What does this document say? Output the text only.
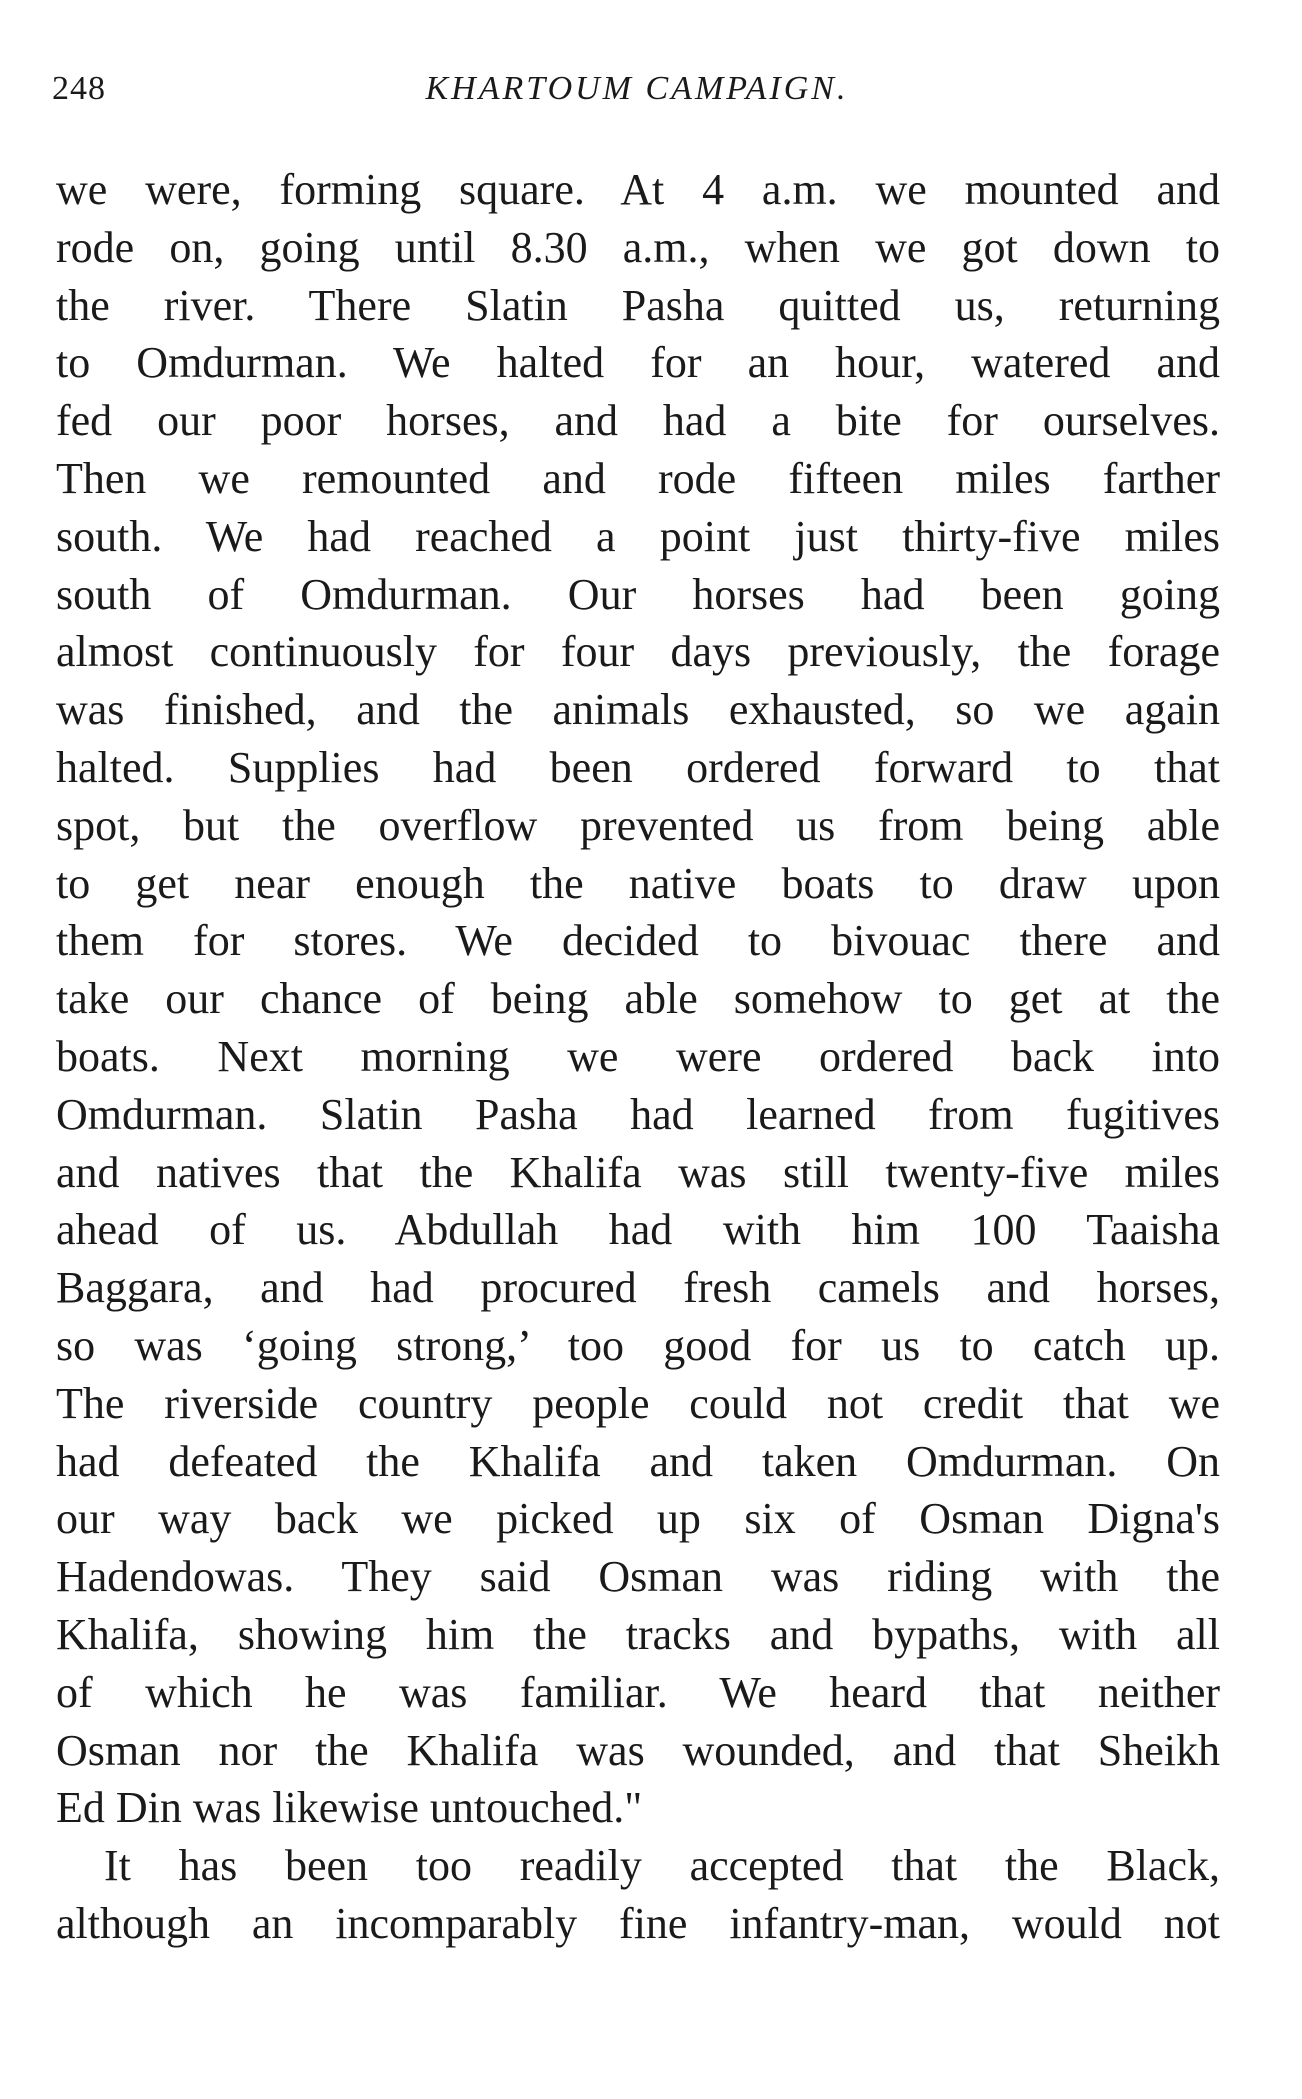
248	KHARTOUM CAMPAIGN.
we were, forming square. At 4 a.m. we mounted and
rode on, going until 8.30 a.m., when we got down to
the river. There Slatin Pasha quitted us, returning
to Omdurman. We halted for an hour, watered and
fed our poor horses, and had a bite for ourselves.
Then we remounted and rode fifteen miles farther
south. We had reached a point just thirty-five miles
south of Omdurman. Our horses had been going
almost continuously for four days previously, the forage
was finished, and the animals exhausted, so we again
halted. Supplies had been ordered forward to that
spot, but the overflow prevented us from being able
to get near enough the native boats to draw upon
them for stores. We decided to bivouac there and
take our chance of being able somehow to get at the
boats. Next morning we were ordered back into
Omdurman. Slatin Pasha had learned from fugitives
and natives that the Khalifa was still twenty-five miles
ahead of us. Abdullah had with him 100 Taaisha
Baggara, and had procured fresh camels and horses,
so was ‘going strong,’ too good for us to catch up.
The riverside country people could not credit that we
had defeated the Khalifa and taken Omdurman. On
our way back we picked up six of Osman Digna's
Hadendowas. They said Osman was riding with the
Khalifa, showing him the tracks and bypaths, with all
of which he was familiar. We heard that neither
Osman nor the Khalifa was wounded, and that Sheikh
Ed Din was likewise untouched."
It has been too readily accepted that the Black,
although an incomparably fine infantry-man, would not
